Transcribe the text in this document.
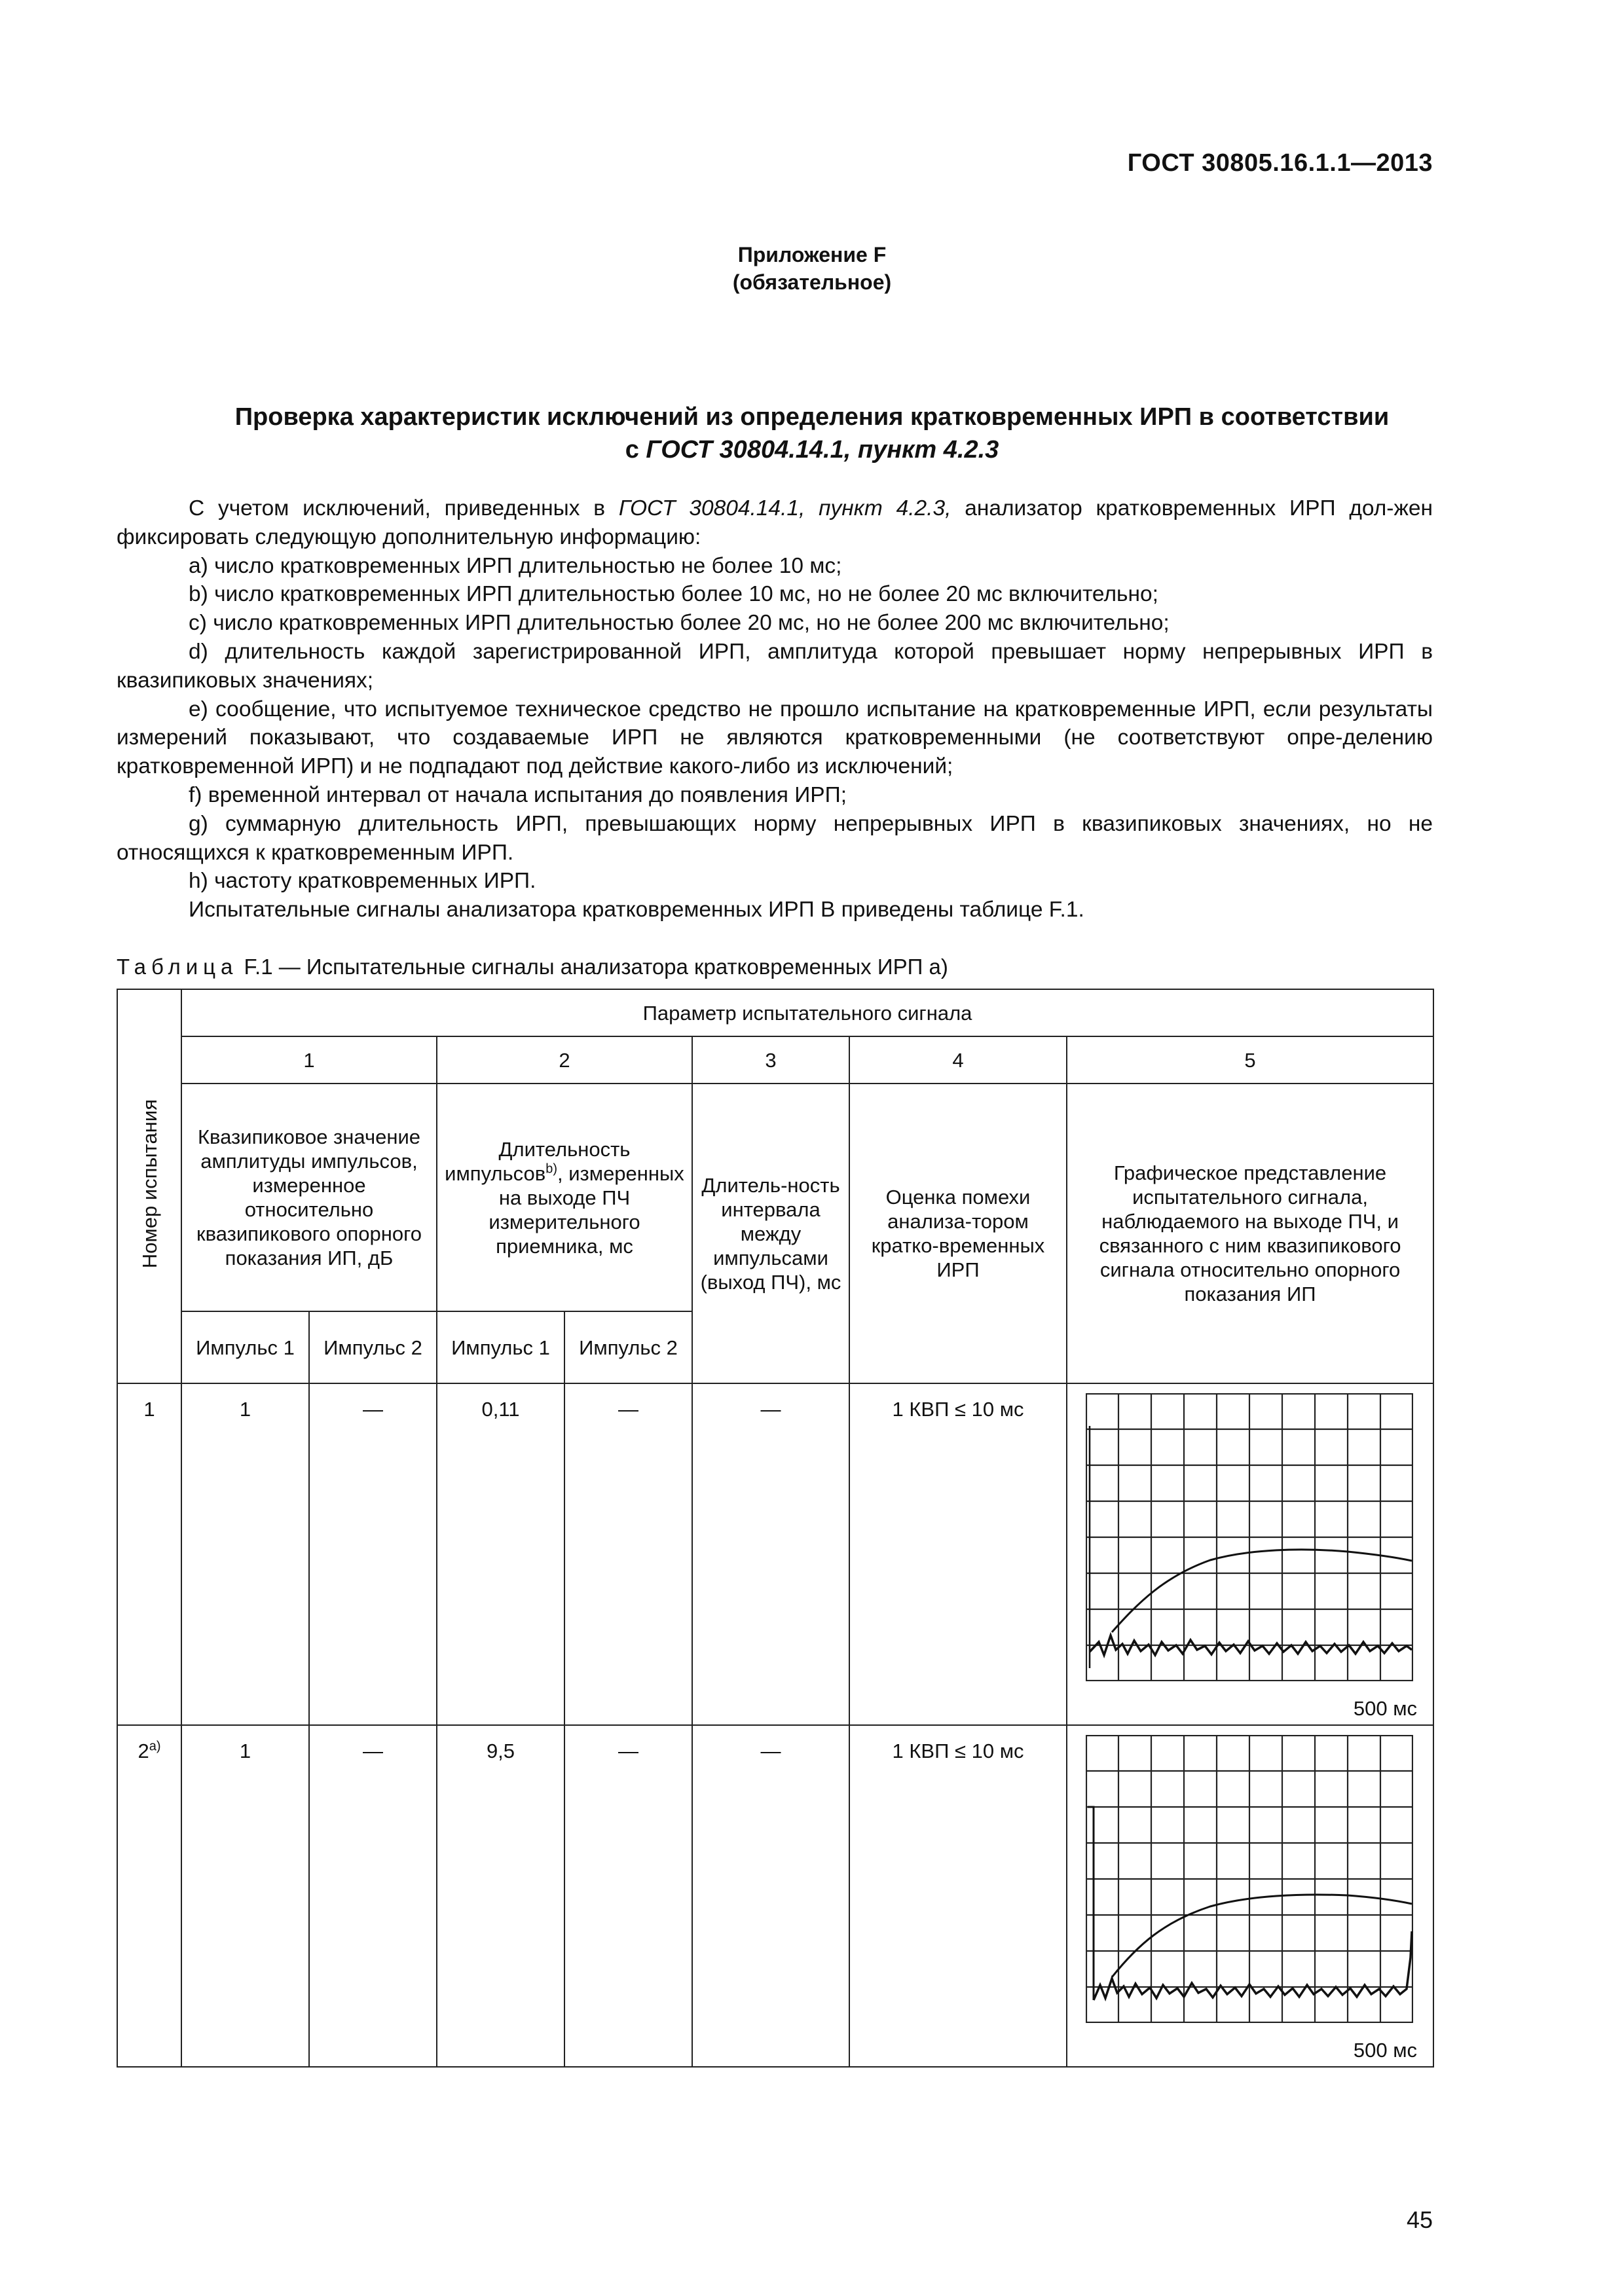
ГОСТ 30805.16.1.1—2013
Приложение F
(обязательное)
Проверка характеристик исключений из определения кратковременных ИРП в соответствии
с ГОСТ 30804.14.1, пункт 4.2.3

С учетом исключений, приведенных в ГОСТ 30804.14.1, пункт 4.2.3, анализатор кратковременных ИРП дол-жен фиксировать следующую дополнительную информацию:

a) число кратковременных ИРП длительностью не более 10 мс;

b) число кратковременных ИРП длительностью более 10 мс, но не более 20 мс включительно;

c) число кратковременных ИРП длительностью более 20 мс, но не более 200 мс включительно;

d) длительность каждой зарегистрированной ИРП, амплитуда которой превышает норму непрерывных ИРП в квазипиковых значениях;

e) сообщение, что испытуемое техническое средство не прошло испытание на кратковременные ИРП, если результаты измерений показывают, что создаваемые ИРП не являются кратковременными (не соответствуют опре-делению кратковременной ИРП) и не подпадают под действие какого-либо из исключений;

f) временной интервал от начала испытания до появления ИРП;

g) суммарную длительность ИРП, превышающих норму непрерывных ИРП в квазипиковых значениях, но не относящихся к кратковременным ИРП.

h) частоту кратковременных ИРП.

Испытательные сигналы анализатора кратковременных ИРП В приведены таблице F.1.

Таблица F.1 — Испытательные сигналы анализатора кратковременных ИРП а)
Номер испытания	Параметр испытательного сигнала						
	1		2		3	4	5
	Квазипиковое значение амплитуды импульсов, измеренное относительно квазипикового опорного показания ИП, дБ		Длительность импульсов$^{b)}$, измеренных на выходе ПЧ измерительного приемника, мс		Длитель-ность интервала между импульсами (выход ПЧ), мс	Оценка помехи анализа-тором кратко-временных ИРП	Графическое представление испытательного сигнала, наблюдаемого на выходе ПЧ, и связанного с ним квазипикового сигнала относительно опорного показания ИП
	Импульс 1	Импульс 2	Импульс 1	Импульс 2			
1	1	—	0,11	—	—	1 КВП ≤ 10 мс	500 мс

$2^{а)}$	1	—	9,5	—	—	1 КВП ≤ 10 мс	500 мс
45
